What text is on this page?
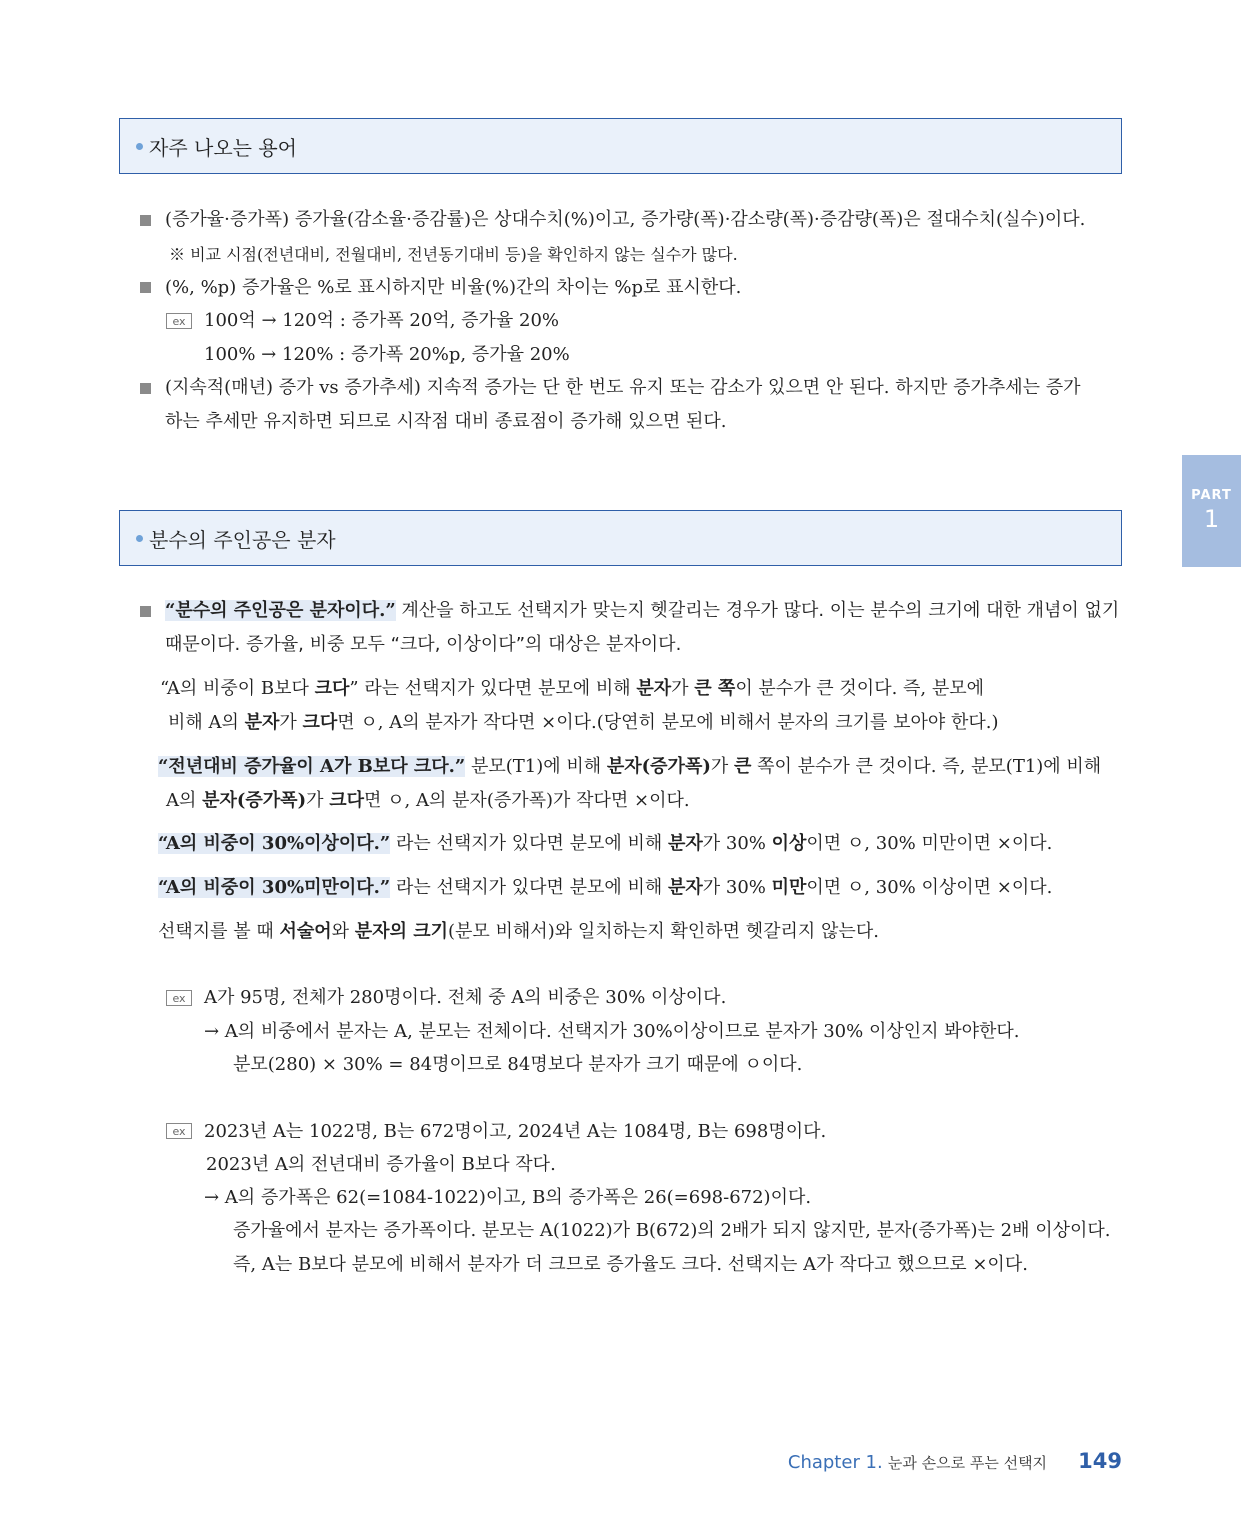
자주 나오는 용어
(증가율·증가폭) 증가율(감소율·증감률)은 상대수치(%)이고, 증가량(폭)·감소량(폭)·증감량(폭)은 절대수치(실수)이다.
※ 비교 시점(전년대비, 전월대비, 전년동기대비 등)을 확인하지 않는 실수가 많다.
(%, %p) 증가율은 %로 표시하지만 비율(%)간의 차이는 %p로 표시한다.
ex	100억 → 120억 : 증가폭 20억, 증가율 20%
100% → 120% : 증가폭 20%p, 증가율 20%
(지속적(매년) 증가 vs 증가추세) 지속적 증가는 단 한 번도 유지 또는 감소가 있으면 안 된다. 하지만 증가추세는 증가
하는 추세만 유지하면 되므로 시작점 대비 종료점이 증가해 있으면 된다.
PART
1
분수의 주인공은 분자
“분수의 주인공은 분자이다.” 계산을 하고도 선택지가 맞는지 헷갈리는 경우가 많다. 이는 분수의 크기에 대한 개념이 없기
때문이다. 증가율, 비중 모두 “크다, 이상이다”의 대상은 분자이다.
“A의 비중이 B보다 크다” 라는 선택지가 있다면 분모에 비해 분자가 큰 쪽이 분수가 큰 것이다. 즉, 분모에
비해 A의 분자가 크다면 ㅇ, A의 분자가 작다면 ×이다.(당연히 분모에 비해서 분자의 크기를 보아야 한다.)
“전년대비 증가율이 A가 B보다 크다.” 분모(T1)에 비해 분자(증가폭)가 큰 쪽이 분수가 큰 것이다. 즉, 분모(T1)에 비해
A의 분자(증가폭)가 크다면 ㅇ, A의 분자(증가폭)가 작다면 ×이다.
“A의 비중이 30%이상이다.” 라는 선택지가 있다면 분모에 비해 분자가 30% 이상이면 ㅇ, 30% 미만이면 ×이다.
“A의 비중이 30%미만이다.” 라는 선택지가 있다면 분모에 비해 분자가 30% 미만이면 ㅇ, 30% 이상이면 ×이다.
선택지를 볼 때 서술어와 분자의 크기(분모 비해서)와 일치하는지 확인하면 헷갈리지 않는다.
ex	A가 95명, 전체가 280명이다. 전체 중 A의 비중은 30% 이상이다.
→ A의 비중에서 분자는 A, 분모는 전체이다. 선택지가 30%이상이므로 분자가 30% 이상인지 봐야한다.
분모(280) × 30% = 84명이므로 84명보다 분자가 크기 때문에 ㅇ이다.
ex	2023년 A는 1022명, B는 672명이고, 2024년 A는 1084명, B는 698명이다.
2023년 A의 전년대비 증가율이 B보다 작다.
→ A의 증가폭은 62(=1084-1022)이고, B의 증가폭은 26(=698-672)이다.
증가율에서 분자는 증가폭이다. 분모는 A(1022)가 B(672)의 2배가 되지 않지만, 분자(증가폭)는 2배 이상이다.
즉, A는 B보다 분모에 비해서 분자가 더 크므로 증가율도 크다. 선택지는 A가 작다고 했으므로 ×이다.
Chapter 1. 눈과 손으로 푸는 선택지 149
